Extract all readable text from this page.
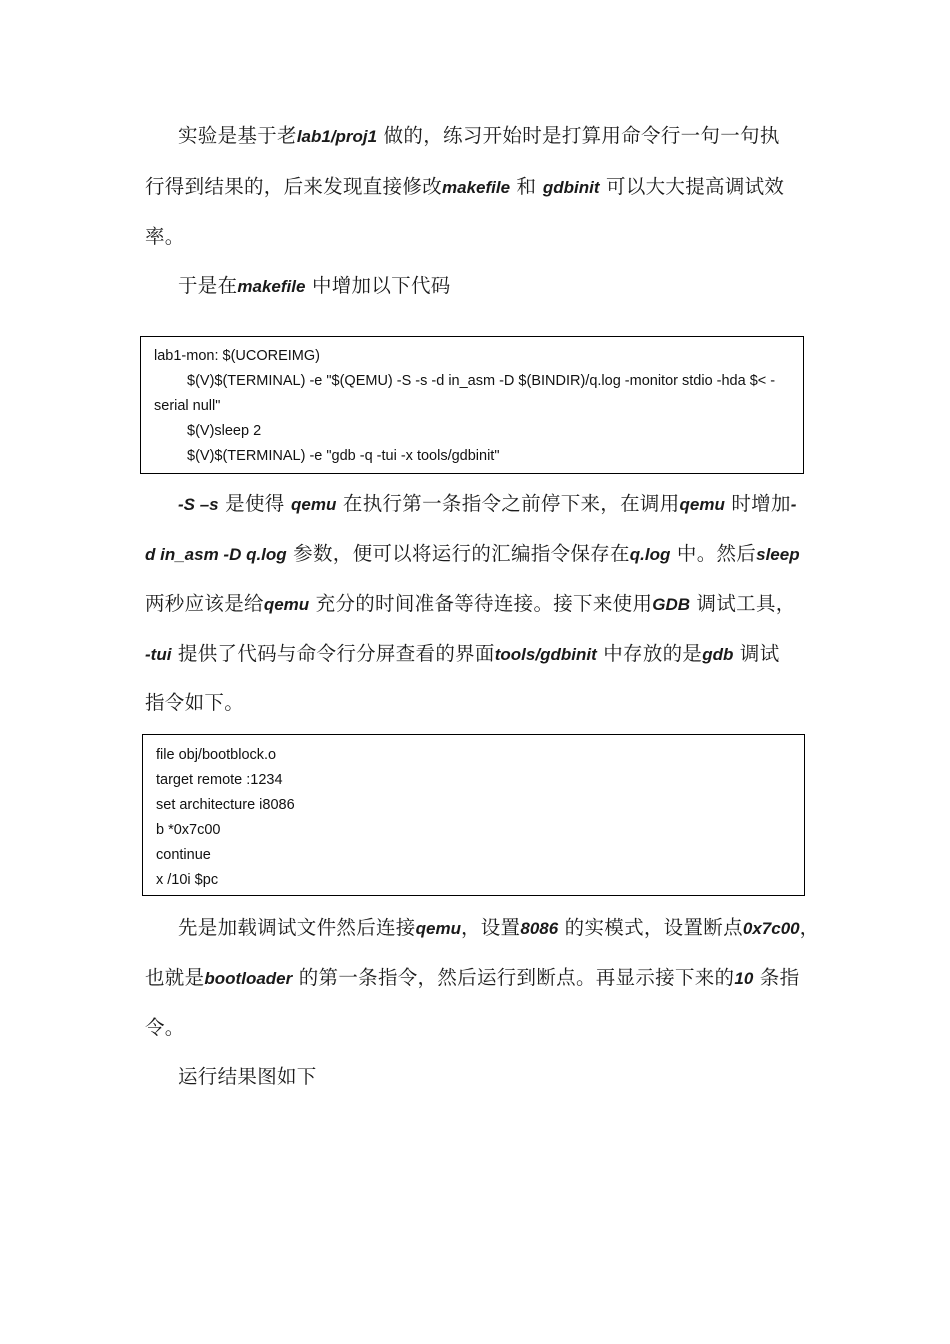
实验是基于老lab1/proj1 做的，练习开始时是打算用命令行一句一句执
行得到结果的，后来发现直接修改makefile 和 gdbinit 可以大大提高调试效
率。
于是在makefile 中增加以下代码
lab1-mon: $(UCOREIMG)
$(V)$(TERMINAL) -e "$(QEMU) -S -s -d in_asm -D $(BINDIR)/q.log -monitor stdio -hda $< -
serial null"
$(V)sleep 2
$(V)$(TERMINAL) -e "gdb -q -tui -x tools/gdbinit"
-S –s 是使得 qemu 在执行第一条指令之前停下来，在调用qemu 时增加-
d in_asm -D q.log 参数，便可以将运行的汇编指令保存在q.log 中。然后sleep
两秒应该是给qemu 充分的时间准备等待连接。接下来使用GDB 调试工具，
-tui 提供了代码与命令行分屏查看的界面tools/gdbinit 中存放的是gdb 调试
指令如下。
file obj/bootblock.o
target remote :1234
set architecture i8086
b *0x7c00
continue
x /10i $pc
先是加载调试文件然后连接qemu，设置8086 的实模式，设置断点0x7c00，
也就是bootloader 的第一条指令，然后运行到断点。再显示接下来的10 条指
令。
运行结果图如下
